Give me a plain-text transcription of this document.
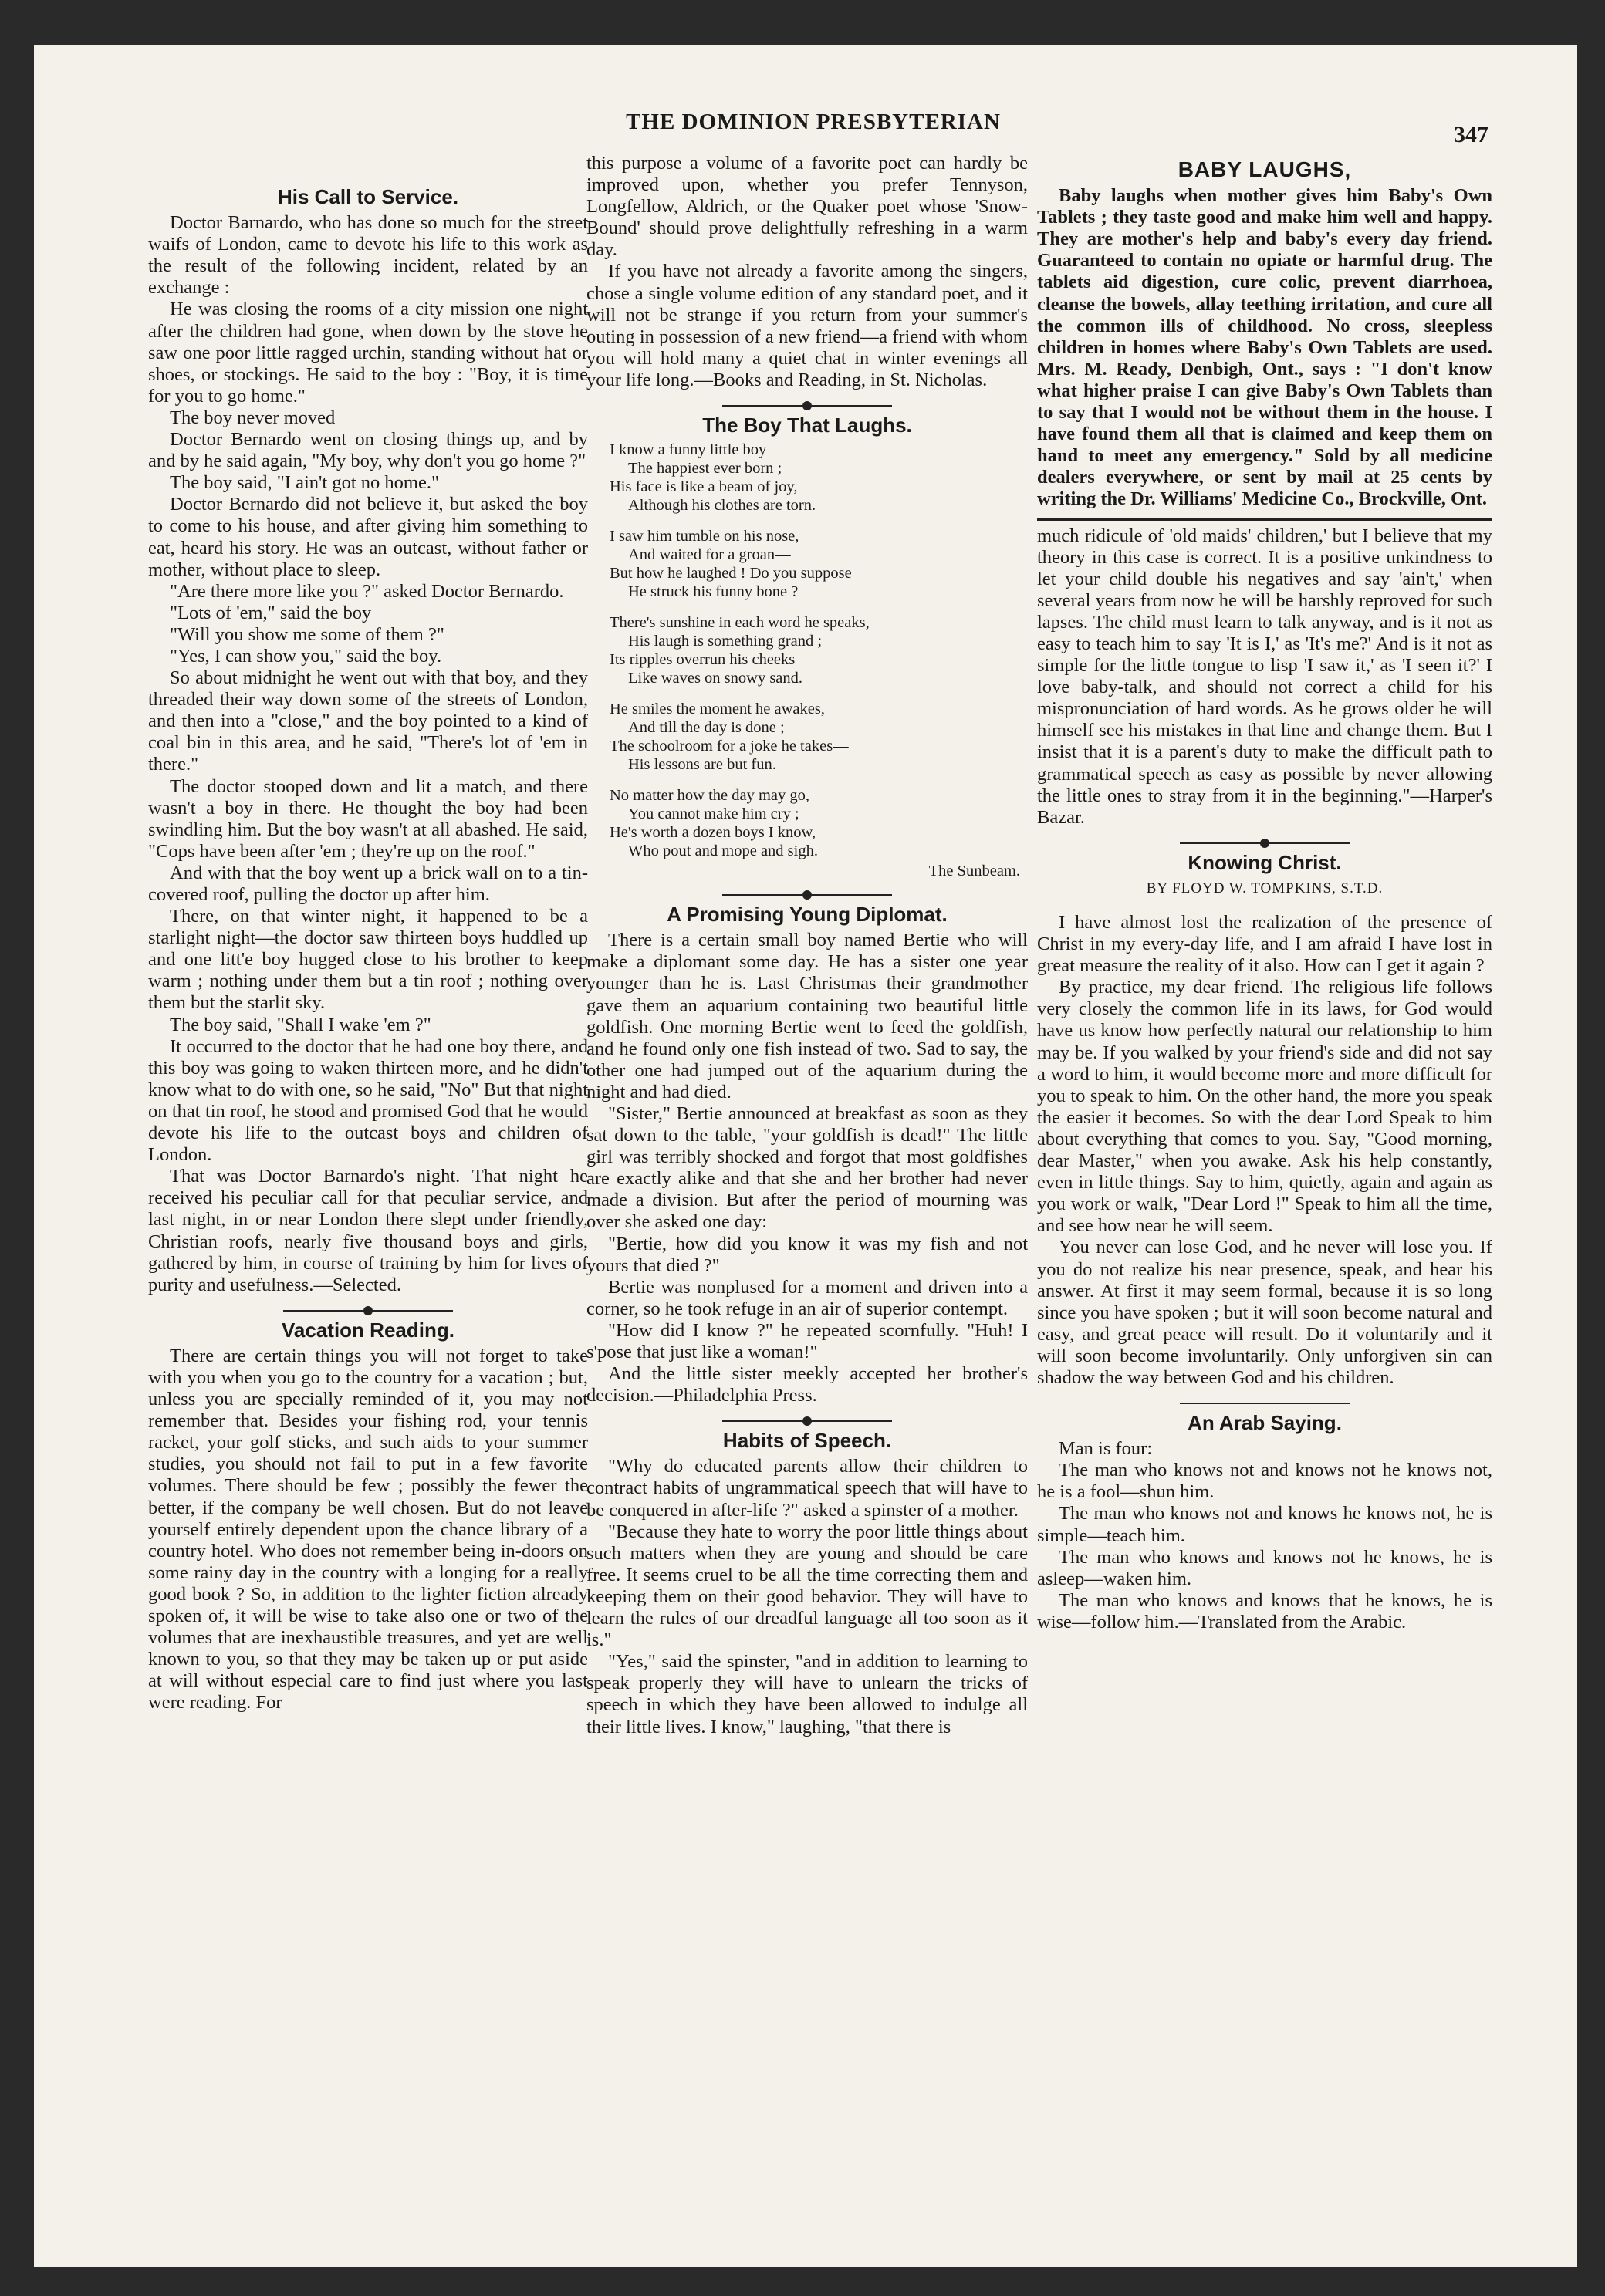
THE DOMINION PRESBYTERIAN	347
His Call to Service.

Doctor Barnardo, who has done so much for the street waifs of London, came to devote his life to this work as the result of the following incident, related by an exchange :

He was closing the rooms of a city mission one night after the children had gone, when down by the stove he saw one poor little ragged urchin, standing without hat or shoes, or stockings. He said to the boy : "Boy, it is time for you to go home."

The boy never moved

Doctor Bernardo went on closing things up, and by and by he said again, "My boy, why don't you go home ?"

The boy said, "I ain't got no home."

Doctor Bernardo did not believe it, but asked the boy to come to his house, and after giving him something to eat, heard his story. He was an outcast, without father or mother, without place to sleep.

"Are there more like you ?" asked Doctor Bernardo.

"Lots of 'em," said the boy

"Will you show me some of them ?"

"Yes, I can show you," said the boy.

So about midnight he went out with that boy, and they threaded their way down some of the streets of London, and then into a "close," and the boy pointed to a kind of coal bin in this area, and he said, "There's lot of 'em in there."

The doctor stooped down and lit a match, and there wasn't a boy in there. He thought the boy had been swindling him. But the boy wasn't at all abashed. He said, "Cops have been after 'em ; they're up on the roof."

And with that the boy went up a brick wall on to a tin-covered roof, pulling the doctor up after him.

There, on that winter night, it happened to be a starlight night—the doctor saw thirteen boys huddled up and one litt'e boy hugged close to his brother to keep warm ; nothing under them but a tin roof ; nothing over them but the starlit sky.

The boy said, "Shall I wake 'em ?"

It occurred to the doctor that he had one boy there, and this boy was going to waken thirteen more, and he didn't know what to do with one, so he said, "No" But that night on that tin roof, he stood and promised God that he would devote his life to the outcast boys and children of London.

That was Doctor Barnardo's night. That night he received his peculiar call for that peculiar service, and last night, in or near London there slept under friendly, Christian roofs, nearly five thousand boys and girls, gathered by him, in course of training by him for lives of purity and usefulness.—Selected.

Vacation Reading.

There are certain things you will not forget to take with you when you go to the country for a vacation ; but, unless you are specially reminded of it, you may not remember that. Besides your fishing rod, your tennis racket, your golf sticks, and such aids to your summer studies, you should not fail to put in a few favorite volumes. There should be few ; possibly the fewer the better, if the company be well chosen. But do not leave yourself entirely dependent upon the chance library of a country hotel. Who does not remember being in-doors on some rainy day in the country with a longing for a really good book ? So, in addition to the lighter fiction already spoken of, it will be wise to take also one or two of the volumes that are inexhaustible treasures, and yet are well known to you, so that they may be taken up or put aside at will without especial care to find just where you last were reading. For

this purpose a volume of a favorite poet can hardly be improved upon, whether you prefer Tennyson, Longfellow, Aldrich, or the Quaker poet whose 'Snow-Bound' should prove delightfully refreshing in a warm day.

If you have not already a favorite among the singers, chose a single volume edition of any standard poet, and it will not be strange if you return from your summer's outing in possession of a new friend—a friend with whom you will hold many a quiet chat in winter evenings all your life long.—Books and Reading, in St. Nicholas.

The Boy That Laughs.
I know a funny little boy—
The happiest ever born ;
His face is like a beam of joy,
Although his clothes are torn.
I saw him tumble on his nose,
And waited for a groan—
But how he laughed ! Do you suppose
He struck his funny bone ?
There's sunshine in each word he speaks,
His laugh is something grand ;
Its ripples overrun his cheeks
Like waves on snowy sand.
He smiles the moment he awakes,
And till the day is done ;
The schoolroom for a joke he takes—
His lessons are but fun.
No matter how the day may go,
You cannot make him cry ;
He's worth a dozen boys I know,
Who pout and mope and sigh.
The Sunbeam.
A Promising Young Diplomat.

There is a certain small boy named Bertie who will make a diplomant some day. He has a sister one year younger than he is. Last Christmas their grandmother gave them an aquarium containing two beautiful little goldfish. One morning Bertie went to feed the goldfish, and he found only one fish instead of two. Sad to say, the other one had jumped out of the aquarium during the night and had died.

"Sister," Bertie announced at breakfast as soon as they sat down to the table, "your goldfish is dead!" The little girl was terribly shocked and forgot that most goldfishes are exactly alike and that she and her brother had never made a division. But after the period of mourning was over she asked one day:

"Bertie, how did you know it was my fish and not yours that died ?"

Bertie was nonplused for a moment and driven into a corner, so he took refuge in an air of superior contempt.

"How did I know ?" he repeated scornfully. "Huh! I s'pose that just like a woman!"

And the little sister meekly accepted her brother's decision.—Philadelphia Press.

Habits of Speech.

"Why do educated parents allow their children to contract habits of ungrammatical speech that will have to be conquered in after-life ?" asked a spinster of a mother.

"Because they hate to worry the poor little things about such matters when they are young and should be care free. It seems cruel to be all the time correcting them and keeping them on their good behavior. They will have to learn the rules of our dreadful language all too soon as it is."

"Yes," said the spinster, "and in addition to learning to speak properly they will have to unlearn the tricks of speech in which they have been allowed to indulge all their little lives. I know," laughing, "that there is

BABY LAUGHS,

Baby laughs when mother gives him Baby's Own Tablets ; they taste good and make him well and happy. They are mother's help and baby's every day friend. Guaranteed to contain no opiate or harmful drug. The tablets aid digestion, cure colic, prevent diarrhoea, cleanse the bowels, allay teething irritation, and cure all the common ills of childhood. No cross, sleepless children in homes where Baby's Own Tablets are used. Mrs. M. Ready, Denbigh, Ont., says : "I don't know what higher praise I can give Baby's Own Tablets than to say that I would not be without them in the house. I have found them all that is claimed and keep them on hand to meet any emergency." Sold by all medicine dealers everywhere, or sent by mail at 25 cents by writing the Dr. Williams' Medicine Co., Brockville, Ont.

much ridicule of 'old maids' children,' but I believe that my theory in this case is correct. It is a positive unkindness to let your child double his negatives and say 'ain't,' when several years from now he will be harshly reproved for such lapses. The child must learn to talk anyway, and is it not as easy to teach him to say 'It is I,' as 'It's me?' And is it not as simple for the little tongue to lisp 'I saw it,' as 'I seen it?' I love baby-talk, and should not correct a child for his mispronunciation of hard words. As he grows older he will himself see his mistakes in that line and change them. But I insist that it is a parent's duty to make the difficult path to grammatical speech as easy as possible by never allowing the little ones to stray from it in the beginning."—Harper's Bazar.

Knowing Christ.
BY FLOYD W. TOMPKINS, S.T.D.

I have almost lost the realization of the presence of Christ in my every-day life, and I am afraid I have lost in great measure the reality of it also. How can I get it again ?

By practice, my dear friend. The religious life follows very closely the common life in its laws, for God would have us know how perfectly natural our relationship to him may be. If you walked by your friend's side and did not say a word to him, it would become more and more difficult for you to speak to him. On the other hand, the more you speak the easier it becomes. So with the dear Lord Speak to him about everything that comes to you. Say, "Good morning, dear Master," when you awake. Ask his help constantly, even in little things. Say to him, quietly, again and again as you work or walk, "Dear Lord !" Speak to him all the time, and see how near he will seem.

You never can lose God, and he never will lose you. If you do not realize his near presence, speak, and hear his answer. At first it may seem formal, because it is so long since you have spoken ; but it will soon become natural and easy, and great peace will result. Do it voluntarily and it will soon become involuntarily. Only unforgiven sin can shadow the way between God and his children.

An Arab Saying.

Man is four:

The man who knows not and knows not he knows not, he is a fool—shun him.

The man who knows not and knows he knows not, he is simple—teach him.

The man who knows and knows not he knows, he is asleep—waken him.

The man who knows and knows that he knows, he is wise—follow him.—Translated from the Arabic.
